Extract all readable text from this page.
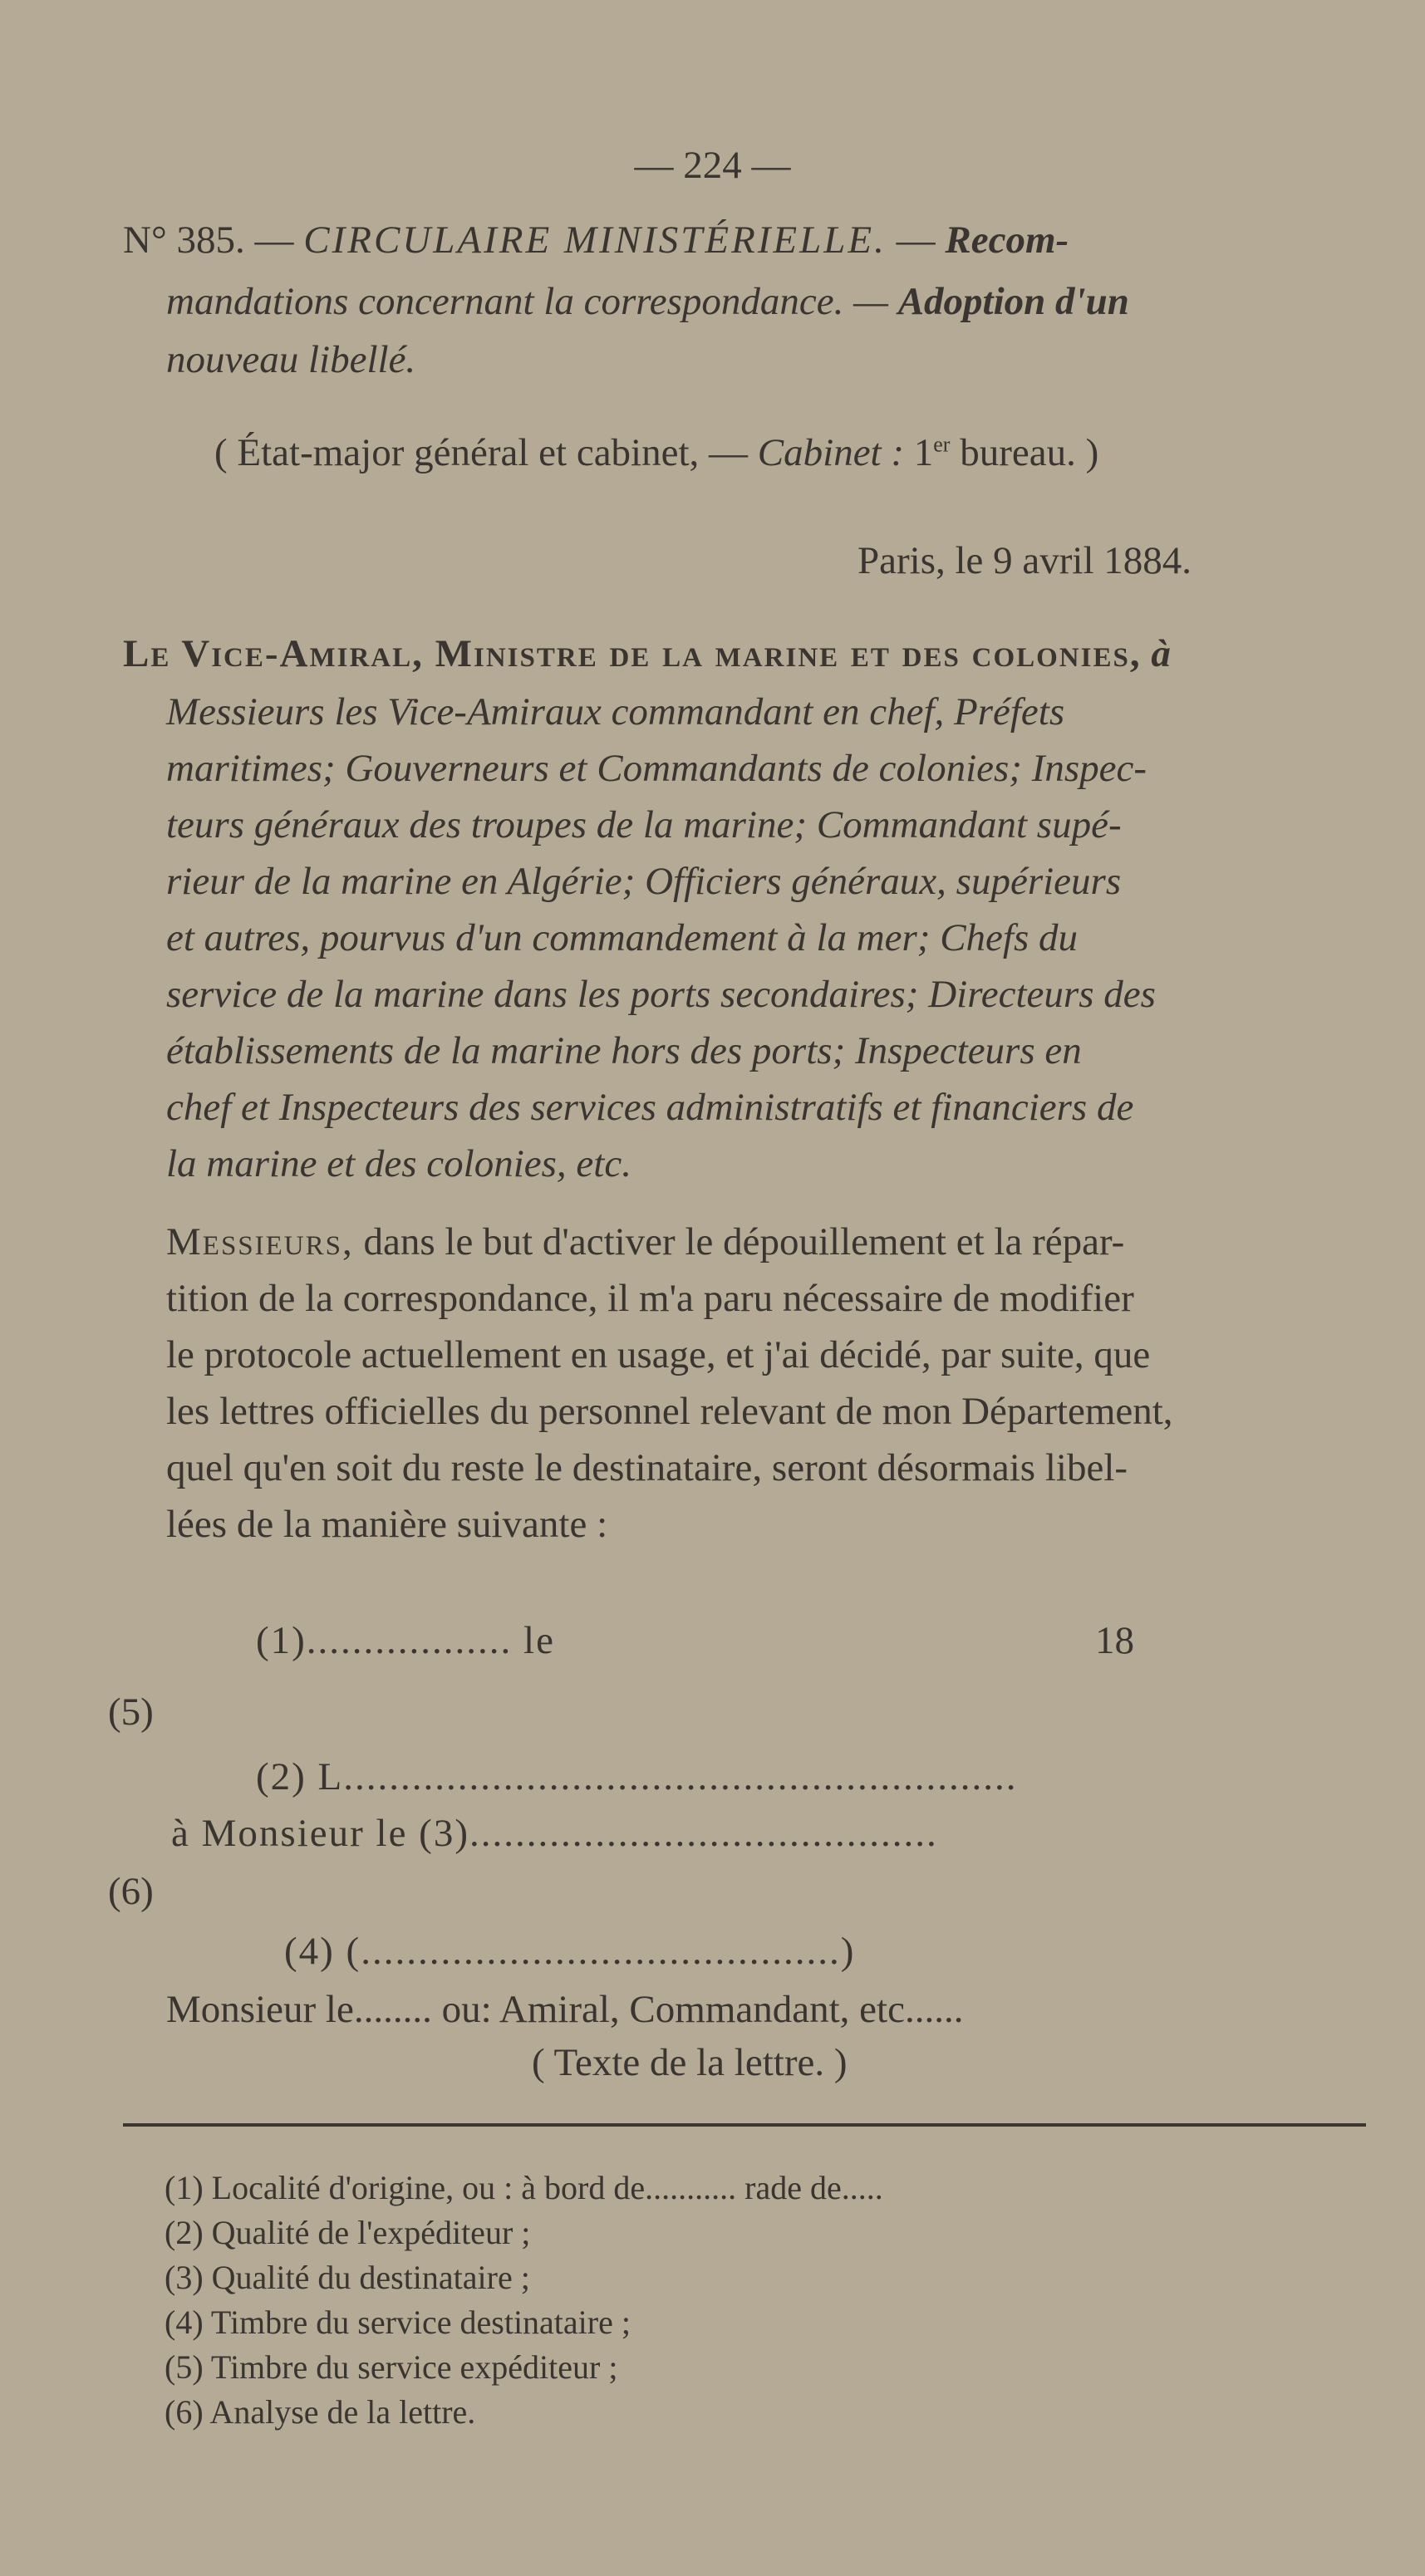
— 224 —
N° 385. — CIRCULAIRE MINISTÉRIELLE. — Recom-
mandations concernant la correspondance. — Adoption d'un
nouveau libellé.
( État-major général et cabinet, — Cabinet : 1er bureau. )
Paris, le 9 avril 1884.
Le Vice-Amiral, Ministre de la marine et des colonies, à
Messieurs les Vice-Amiraux commandant en chef, Préfets
maritimes; Gouverneurs et Commandants de colonies; Inspec-
teurs généraux des troupes de la marine; Commandant supé-
rieur de la marine en Algérie; Officiers généraux, supérieurs
et autres, pourvus d'un commandement à la mer; Chefs du
service de la marine dans les ports secondaires; Directeurs des
établissements de la marine hors des ports; Inspecteurs en
chef et Inspecteurs des services administratifs et financiers de
la marine et des colonies, etc.
Messieurs, dans le but d'activer le dépouillement et la répar-
tition de la correspondance, il m'a paru nécessaire de modifier
le protocole actuellement en usage, et j'ai décidé, par suite, que
les lettres officielles du personnel relevant de mon Département,
quel qu'en soit du reste le destinataire, seront désormais libel-
lées de la manière suivante :
(1).................. le	18
(5)
(2) L...........................................................
à Monsieur le (3).........................................
(6)
(4) (..........................................)
Monsieur le........ ou: Amiral, Commandant, etc......
( Texte de la lettre. )
(1) Localité d'origine, ou : à bord de........... rade de.....
(2) Qualité de l'expéditeur ;
(3) Qualité du destinataire ;
(4) Timbre du service destinataire ;
(5) Timbre du service expéditeur ;
(6) Analyse de la lettre.
